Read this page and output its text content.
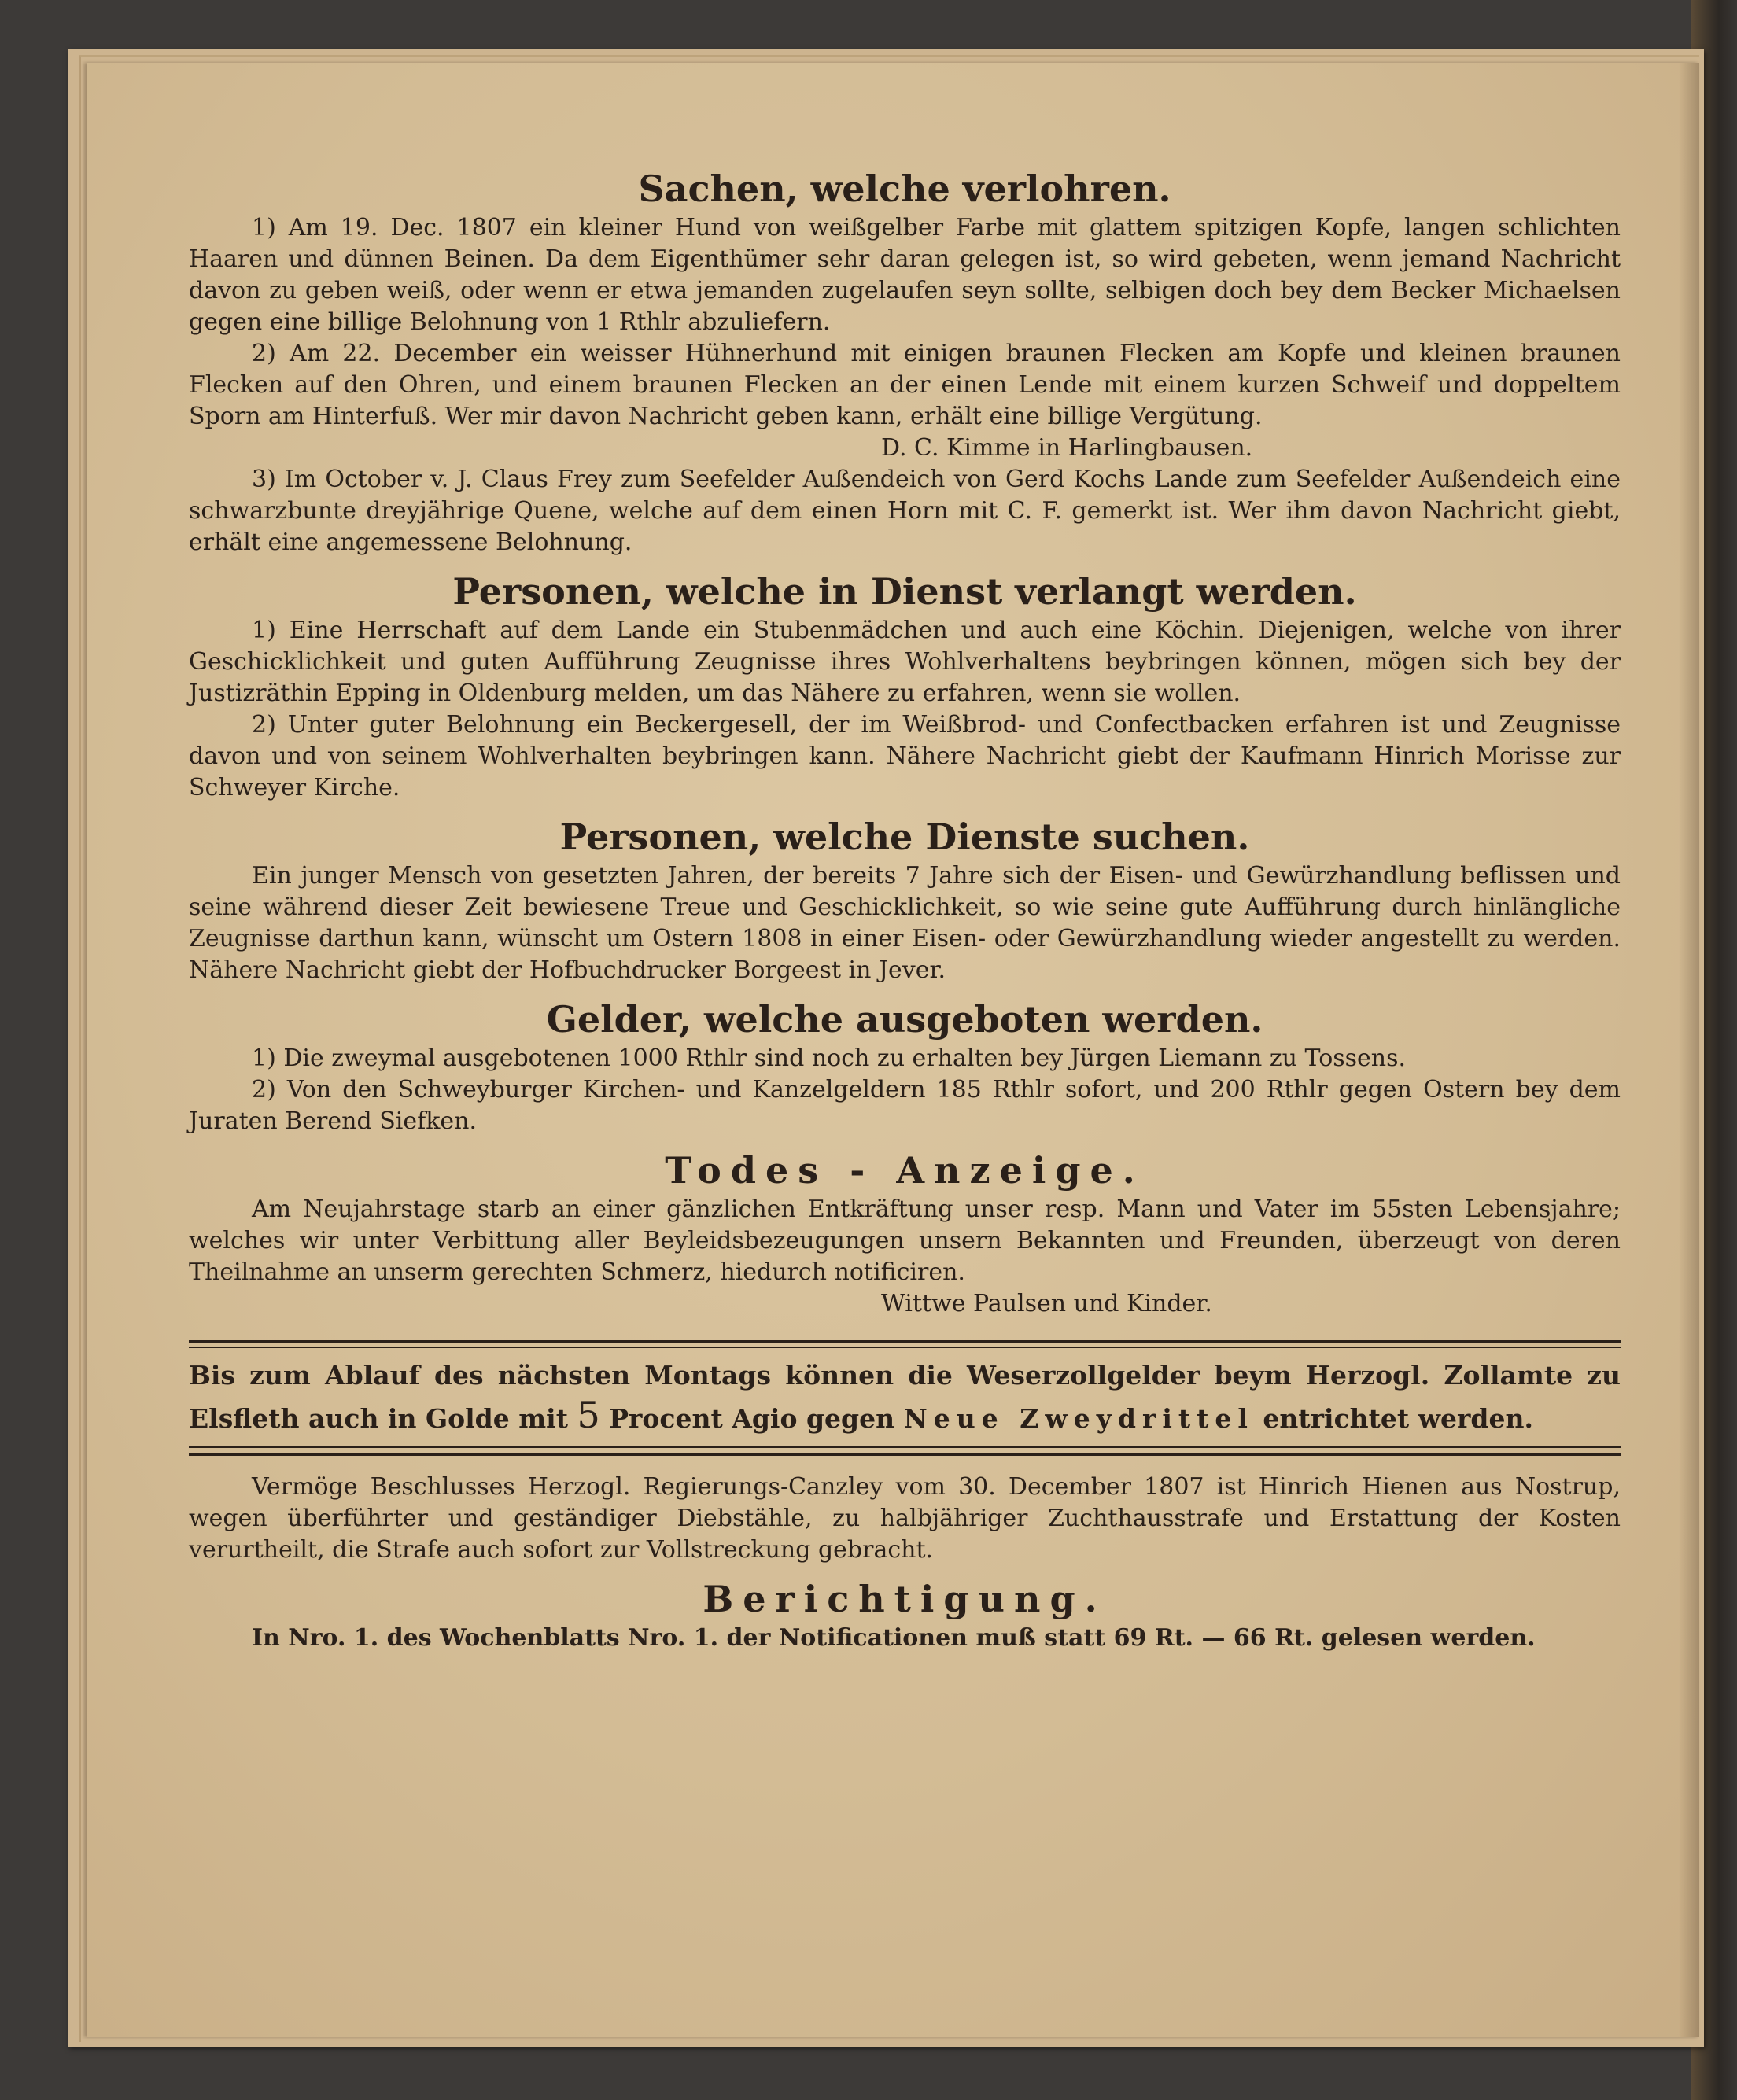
Sachen, welche verlohren.

1) Am 19. Dec. 1807 ein kleiner Hund von weißgelber Farbe mit glattem spitzigen Kopfe, langen schlichten Haaren und dünnen Beinen. Da dem Eigenthümer sehr daran gelegen ist, so wird gebeten, wenn jemand Nachricht davon zu geben weiß, oder wenn er etwa jemanden zugelaufen seyn sollte, selbigen doch bey dem Becker Michaelsen gegen eine billige Belohnung von 1 Rthlr abzuliefern.

2) Am 22. December ein weisser Hühnerhund mit einigen braunen Flecken am Kopfe und kleinen braunen Flecken auf den Ohren, und einem braunen Flecken an der einen Lende mit einem kurzen Schweif und doppeltem Sporn am Hinterfuß. Wer mir davon Nachricht geben kann, erhält eine billige Vergütung.

D. C. Kimme in Harlingbausen.

3) Im October v. J. Claus Frey zum Seefelder Außendeich von Gerd Kochs Lande zum Seefelder Außendeich eine schwarzbunte dreyjährige Quene, welche auf dem einen Horn mit C. F. gemerkt ist. Wer ihm davon Nachricht giebt, erhält eine angemessene Belohnung.

Personen, welche in Dienst verlangt werden.

1) Eine Herrschaft auf dem Lande ein Stubenmädchen und auch eine Köchin. Diejenigen, welche von ihrer Geschicklichkeit und guten Aufführung Zeugnisse ihres Wohlverhaltens beybringen können, mögen sich bey der Justizräthin Epping in Oldenburg melden, um das Nähere zu erfahren, wenn sie wollen.

2) Unter guter Belohnung ein Beckergesell, der im Weißbrod- und Confectbacken erfahren ist und Zeugnisse davon und von seinem Wohlverhalten beybringen kann. Nähere Nachricht giebt der Kaufmann Hinrich Morisse zur Schweyer Kirche.

Personen, welche Dienste suchen.

Ein junger Mensch von gesetzten Jahren, der bereits 7 Jahre sich der Eisen- und Gewürzhandlung beflissen und seine während dieser Zeit bewiesene Treue und Geschicklichkeit, so wie seine gute Aufführung durch hinlängliche Zeugnisse darthun kann, wünscht um Ostern 1808 in einer Eisen- oder Gewürzhandlung wieder angestellt zu werden. Nähere Nachricht giebt der Hofbuchdrucker Borgeest in Jever.

Gelder, welche ausgeboten werden.

1) Die zweymal ausgebotenen 1000 Rthlr sind noch zu erhalten bey Jürgen Liemann zu Tossens.

2) Von den Schweyburger Kirchen- und Kanzelgeldern 185 Rthlr sofort, und 200 Rthlr gegen Ostern bey dem Juraten Berend Siefken.

Todes - Anzeige.

Am Neujahrstage starb an einer gänzlichen Entkräftung unser resp. Mann und Vater im 55sten Lebensjahre; welches wir unter Verbittung aller Beyleidsbezeugungen unsern Bekannten und Freunden, überzeugt von deren Theilnahme an unserm gerechten Schmerz, hiedurch notificiren.

Wittwe Paulsen und Kinder.

Bis zum Ablauf des nächsten Montags können die Weserzollgelder beym Herzogl. Zollamte zu Elsfleth auch in Golde mit 5 Procent Agio gegen Neue Zweydrittel entrichtet werden.

Vermöge Beschlusses Herzogl. Regierungs-Canzley vom 30. December 1807 ist Hinrich Hienen aus Nostrup, wegen überführter und geständiger Diebstähle, zu halbjähriger Zuchthausstrafe und Erstattung der Kosten verurtheilt, die Strafe auch sofort zur Vollstreckung gebracht.

Berichtigung.

In Nro. 1. des Wochenblatts Nro. 1. der Notificationen muß statt 69 Rt. — 66 Rt. gelesen werden.
